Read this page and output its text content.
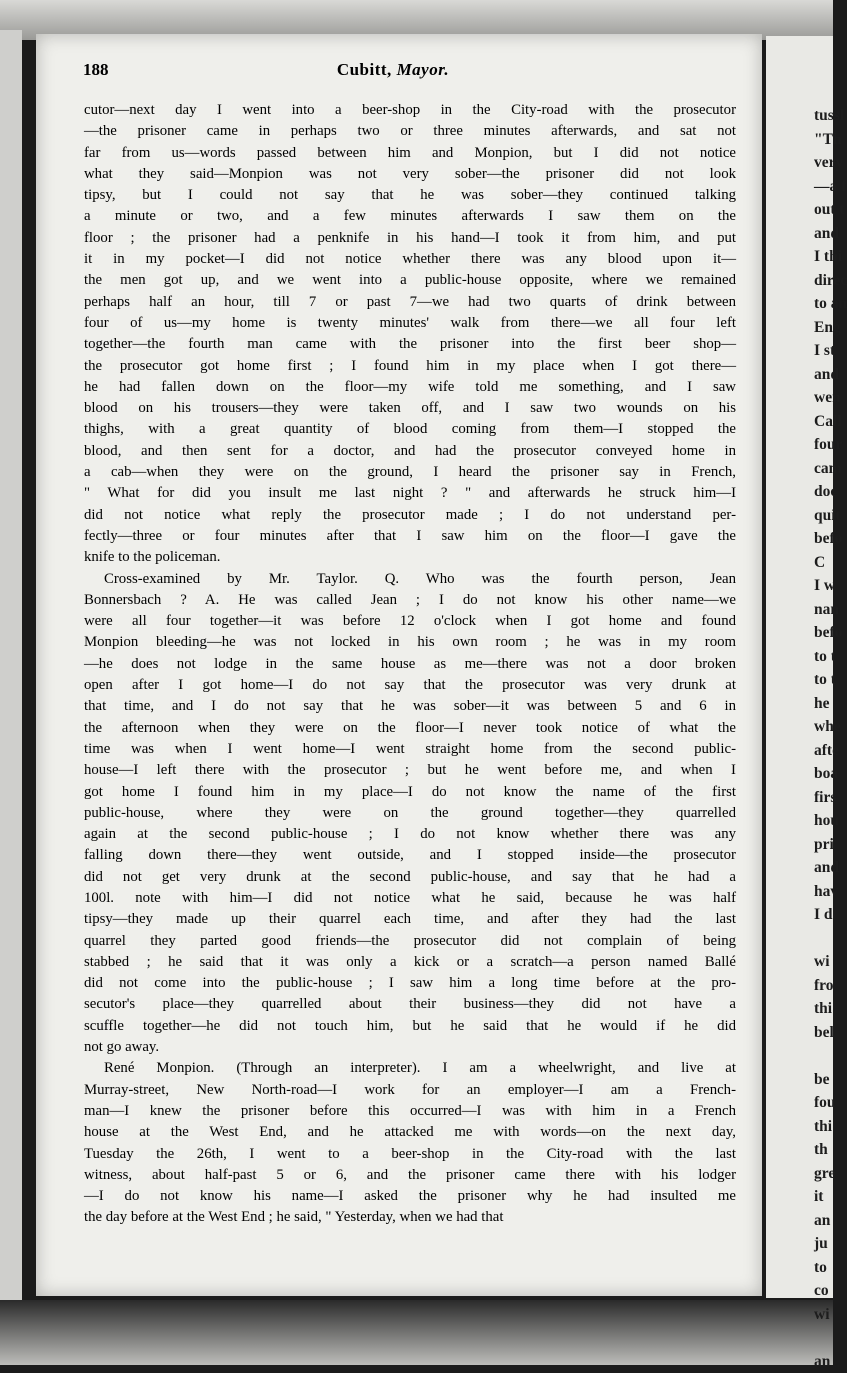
tussl
"Th
very
—a f
out t
and
I thi
direc
to an
Eng
I st
and
wen
Call
four
cam
doc
quit
befo
C
I w
nan
befo
to t
to t
he
whe
afte
boa
firs
hou
pri
and
hav
I d

wi
fro
thi
bel

be
fou
thi
th
gre
it
an
ju
to
co
wi

an
188	Cubitt, Mayor.
cutor—next day I went into a beer-shop in the City-road with the prosecutor
—the prisoner came in perhaps two or three minutes afterwards, and sat not
far from us—words passed between him and Monpion, but I did not notice
what they said—Monpion was not very sober—the prisoner did not look
tipsy, but I could not say that he was sober—they continued talking
a minute or two, and a few minutes afterwards I saw them on the
floor ; the prisoner had a penknife in his hand—I took it from him, and put
it in my pocket—I did not notice whether there was any blood upon it—
the men got up, and we went into a public-house opposite, where we remained
perhaps half an hour, till 7 or past 7—we had two quarts of drink between
four of us—my home is twenty minutes' walk from there—we all four left
together—the fourth man came with the prisoner into the first beer shop—
the prosecutor got home first ; I found him in my place when I got there—
he had fallen down on the floor—my wife told me something, and I saw
blood on his trousers—they were taken off, and I saw two wounds on his
thighs, with a great quantity of blood coming from them—I stopped the
blood, and then sent for a doctor, and had the prosecutor conveyed home in
a cab—when they were on the ground, I heard the prisoner say in French,
" What for did you insult me last night ? " and afterwards he struck him—I
did not notice what reply the prosecutor made ; I do not understand per-
fectly—three or four minutes after that I saw him on the floor—I gave the
knife to the policeman.
Cross-examined by Mr. Taylor. Q. Who was the fourth person, Jean
Bonnersbach ? A. He was called Jean ; I do not know his other name—we
were all four together—it was before 12 o'clock when I got home and found
Monpion bleeding—he was not locked in his own room ; he was in my room
—he does not lodge in the same house as me—there was not a door broken
open after I got home—I do not say that the prosecutor was very drunk at
that time, and I do not say that he was sober—it was between 5 and 6 in
the afternoon when they were on the floor—I never took notice of what the
time was when I went home—I went straight home from the second public-
house—I left there with the prosecutor ; but he went before me, and when I
got home I found him in my place—I do not know the name of the first
public-house, where they were on the ground together—they quarrelled
again at the second public-house ; I do not know whether there was any
falling down there—they went outside, and I stopped inside—the prosecutor
did not get very drunk at the second public-house, and say that he had a
100l. note with him—I did not notice what he said, because he was half
tipsy—they made up their quarrel each time, and after they had the last
quarrel they parted good friends—the prosecutor did not complain of being
stabbed ; he said that it was only a kick or a scratch—a person named Ballé
did not come into the public-house ; I saw him a long time before at the pro-
secutor's place—they quarrelled about their business—they did not have a
scuffle together—he did not touch him, but he said that he would if he did
not go away.
René Monpion. (Through an interpreter). I am a wheelwright, and live at
Murray-street, New North-road—I work for an employer—I am a French-
man—I knew the prisoner before this occurred—I was with him in a French
house at the West End, and he attacked me with words—on the next day,
Tuesday the 26th, I went to a beer-shop in the City-road with the last
witness, about half-past 5 or 6, and the prisoner came there with his lodger
—I do not know his name—I asked the prisoner why he had insulted me
the day before at the West End ; he said, " Yesterday, when we had that
